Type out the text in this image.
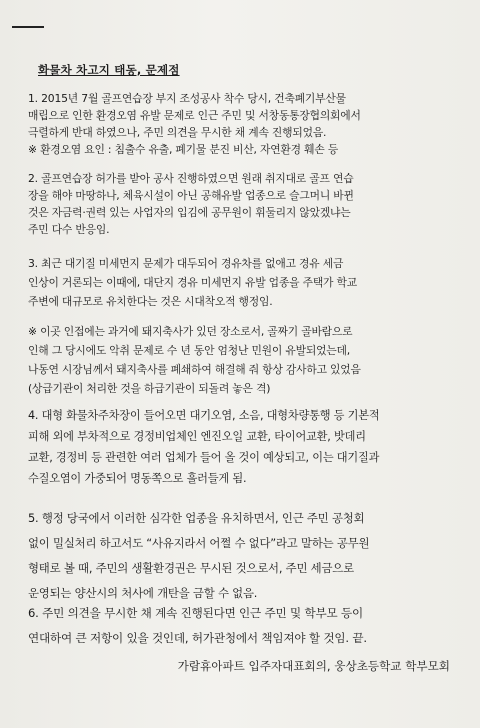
화물차 차고지 태동, 문제점
1. 2015년 7월 골프연습장 부지 조성공사 착수 당시, 건축폐기부산물
매립으로 인한 환경오염 유발 문제로 인근 주민 및 서창동통장협의회에서
극렬하게 반대 하였으나, 주민 의견을 무시한 채 계속 진행되었음.
※ 환경오염 요인 : 침출수 유출, 폐기물 분진 비산, 자연환경 훼손 등
2. 골프연습장 허가를 받아 공사 진행하였으면 원래 취지대로 골프 연습
장을 해야 마땅하나, 체육시설이 아닌 공해유발 업종으로 슬그머니 바뀐
것은 자금력·권력 있는 사업자의 입김에 공무원이 휘둘리지 않았겠냐는
주민 다수 반응임.
3. 최근 대기질 미세먼지 문제가 대두되어 경유차를 없애고 경유 세금
인상이 거론되는 이때에, 대단지 경유 미세먼지 유발 업종을 주택가 학교
주변에 대규모로 유치한다는 것은 시대착오적 행정임.
※ 이곳 인접에는 과거에 돼지축사가 있던 장소로서, 골짜기 골바람으로
인해 그 당시에도 악취 문제로 수 년 동안 엄청난 민원이 유발되었는데,
나동연 시장님께서 돼지축사를 폐쇄하여 해결해 줘 항상 감사하고 있었음
(상급기관이 처리한 것을 하급기관이 되돌려 놓은 격)
4. 대형 화물차주차장이 들어오면 대기오염, 소음, 대형차량통행 등 기본적
피해 외에 부차적으로 경정비업체인 엔진오일 교환, 타이어교환, 밧데리
교환, 경정비 등 관련한 여러 업체가 들어 올 것이 예상되고, 이는 대기질과
수질오염이 가중되어 명동쪽으로 흘러들게 됨.
5. 행정 당국에서 이러한 심각한 업종을 유치하면서, 인근 주민 공청회
없이 밀실처리 하고서도 “사유지라서 어쩔 수 없다”라고 말하는 공무원
형태로 볼 때, 주민의 생활환경권은 무시된 것으로서, 주민 세금으로
운영되는 양산시의 처사에 개탄을 금할 수 없음.
6. 주민 의견을 무시한 채 계속 진행된다면 인근 주민 및 학부모 등이
연대하여 큰 저항이 있을 것인데, 허가관청에서 책임져야 할 것임. 끝.

가람휴아파트 입주자대표회의, 웅상초등학교 학부모회
